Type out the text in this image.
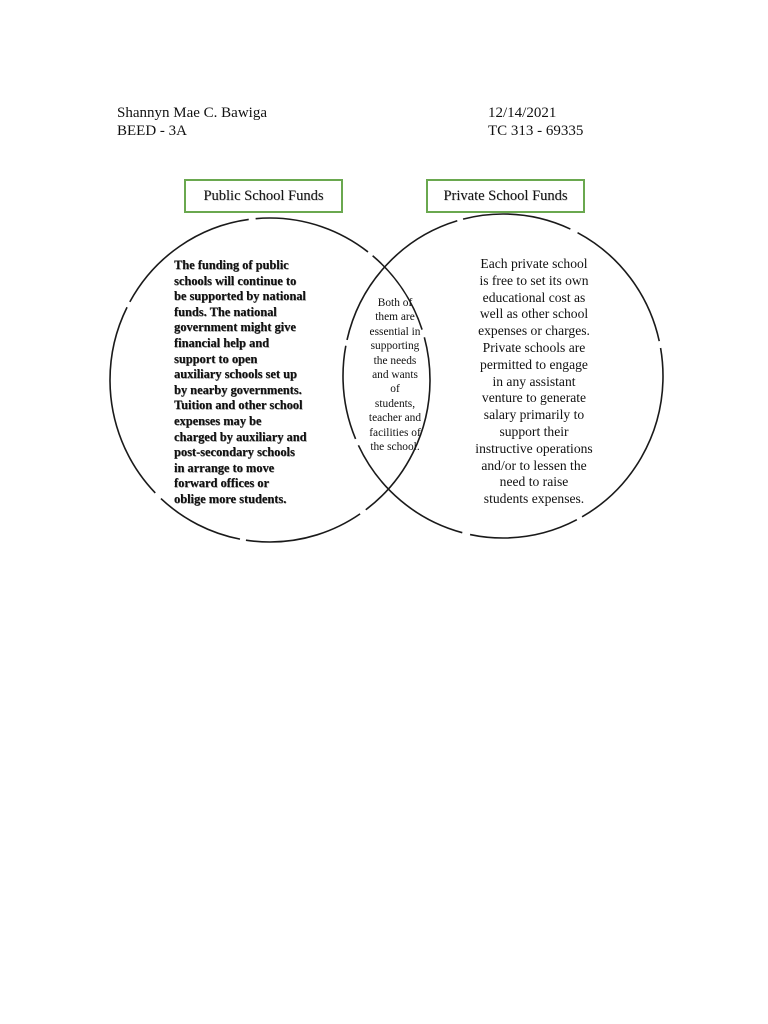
Shannyn Mae C. Bawiga
BEED - 3A
12/14/2021
TC 313 - 69335
Public School Funds	Private School Funds
The funding of public
schools will continue to
be supported by national
funds. The national
government might give
financial help and
support to open
auxiliary schools set up
by nearby governments.
Tuition and other school
expenses may be
charged by auxiliary and
post-secondary schools
in arrange to move
forward offices or
oblige more students.
Both of
them are
essential in
supporting
the needs
and wants
of
students,
teacher and
facilities of
the school.
Each private school
is free to set its own
educational cost as
well as other school
expenses or charges.
Private schools are
permitted to engage
in any assistant
venture to generate
salary primarily to
support their
instructive operations
and/or to lessen the
need to raise
students expenses.
